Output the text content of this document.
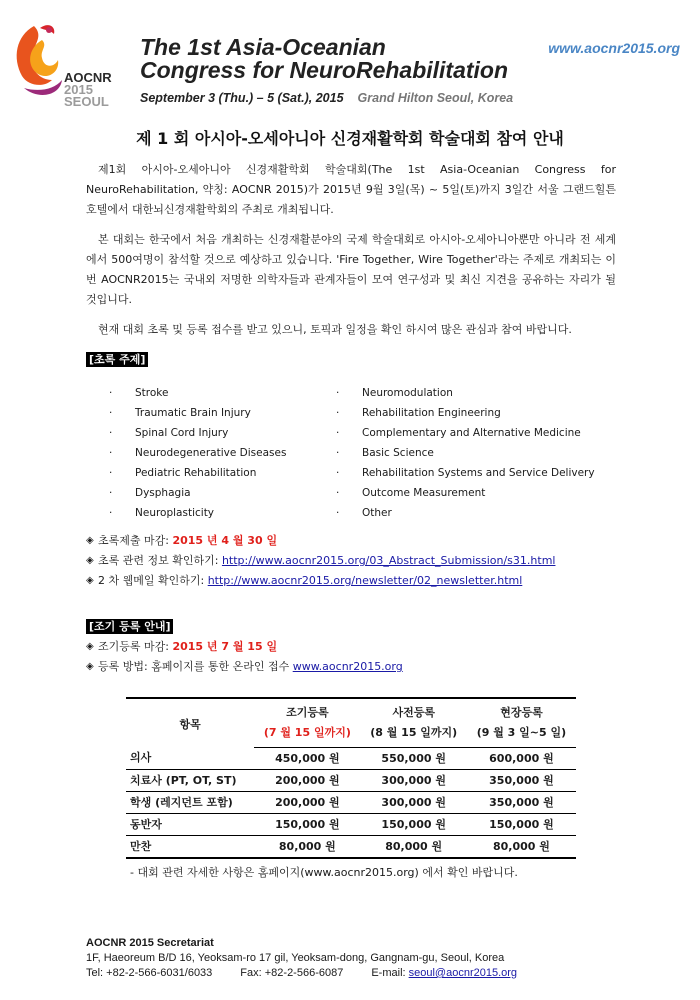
AOCNR
2015
SEOUL
The 1st Asia-Oceanian
Congress for NeuroRehabilitation
September 3 (Thu.) – 5 (Sat.), 2015 Grand Hilton Seoul, Korea
www.aocnr2015.org
제 1 회 아시아-오세아니아 신경재활학회 학술대회 참여 안내

제1회 아시아-오세아니아 신경재활학회 학술대회(The 1st Asia-Oceanian Congress for NeuroRehabilitation, 약칭: AOCNR 2015)가 2015년 9월 3일(목) ~ 5일(토)까지 3일간 서울 그랜드힐튼호텔에서 대한뇌신경재활학회의 주최로 개최됩니다.

본 대회는 한국에서 처음 개최하는 신경재활분야의 국제 학술대회로 아시아-오세아니아뿐만 아니라 전 세계에서 500여명이 참석할 것으로 예상하고 있습니다. 'Fire Together, Wire Together'라는 주제로 개최되는 이번 AOCNR2015는 국내외 저명한 의학자들과 관계자들이 모여 연구성과 및 최신 지견을 공유하는 자리가 될 것입니다.

현재 대회 초록 및 등록 접수를 받고 있으니, 토픽과 일정을 확인 하시여 많은 관심과 참여 바랍니다.

[초록 주제]
· Stroke
· Traumatic Brain Injury
· Spinal Cord Injury
· Neurodegenerative Diseases
· Pediatric Rehabilitation
· Dysphagia
· Neuroplasticity
· Neuromodulation
· Rehabilitation Engineering
· Complementary and Alternative Medicine
· Basic Science
· Rehabilitation Systems and Service Delivery
· Outcome Measurement
· Other
◈ 초록제출 마감: 2015 년 4 월 30 일
◈ 초록 관련 정보 확인하기: http://www.aocnr2015.org/03_Abstract_Submission/s31.html
◈ 2 차 웹메일 확인하기: http://www.aocnr2015.org/newsletter/02_newsletter.html
[조기 등록 안내]
◈ 조기등록 마감: 2015 년 7 월 15 일
◈ 등록 방법: 홈페이지를 통한 온라인 접수 www.aocnr2015.org
항목	조기등록	사전등록	현장등록
	(7 월 15 일까지)	(8 월 15 일까지)	(9 월 3 일~5 일)
의사	450,000 원	550,000 원	600,000 원
치료사 (PT, OT, ST)	200,000 원	300,000 원	350,000 원
학생 (레지던트 포함)	200,000 원	300,000 원	350,000 원
동반자	150,000 원	150,000 원	150,000 원
만찬	80,000 원	80,000 원	80,000 원
- 대회 관련 자세한 사항은 홈페이지(www.aocnr2015.org) 에서 확인 바랍니다.
AOCNR 2015 Secretariat
1F, Haeoreum B/D 16, Yeoksam-ro 17 gil, Yeoksam-dong, Gangnam-gu, Seoul, Korea
Tel: +82-2-566-6031/6033	Fax: +82-2-566-6087	E-mail: seoul@aocnr2015.org
